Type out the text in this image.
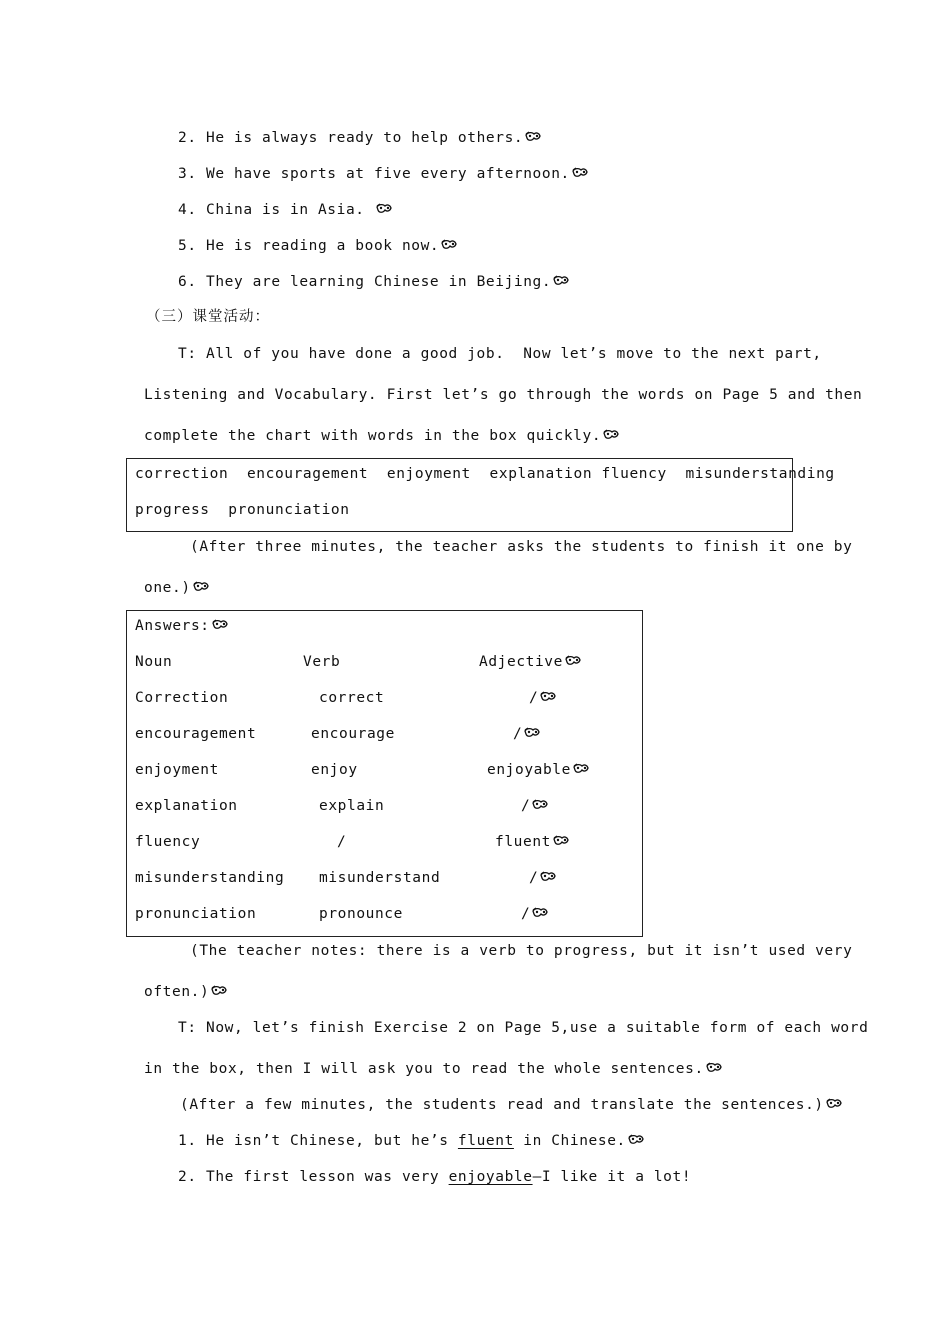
2. He is always ready to help others.
3. We have sports at five every afternoon.
4. China is in Asia.
5. He is reading a book now.
6. They are learning Chinese in Beijing.
（三）课堂活动：
T: All of you have done a good job.  Now let’s move to the next part,
Listening and Vocabulary. First let’s go through the words on Page 5 and then
complete the chart with words in the box quickly.
correction  encouragement  enjoyment  explanation fluency  misunderstanding
progress  pronunciation
(After three minutes, the teacher asks the students to finish it one by
one.)
Answers:
Noun	Verb	Adjective
Correction	correct	/
encouragement	encourage	/
enjoyment	enjoy	enjoyable
explanation	explain	/
fluency	/	fluent
misunderstanding misunderstand	/
pronunciation	pronounce	/
(The teacher notes: there is a verb to progress, but it isn’t used very
often.)
T: Now, let’s finish Exercise 2 on Page 5,use a suitable form of each word
in the box, then I will ask you to read the whole sentences.
(After a few minutes, the students read and translate the sentences.)
1. He isn’t Chinese, but he’s fluent in Chinese.
2. The first lesson was very enjoyable—I like it a lot!
